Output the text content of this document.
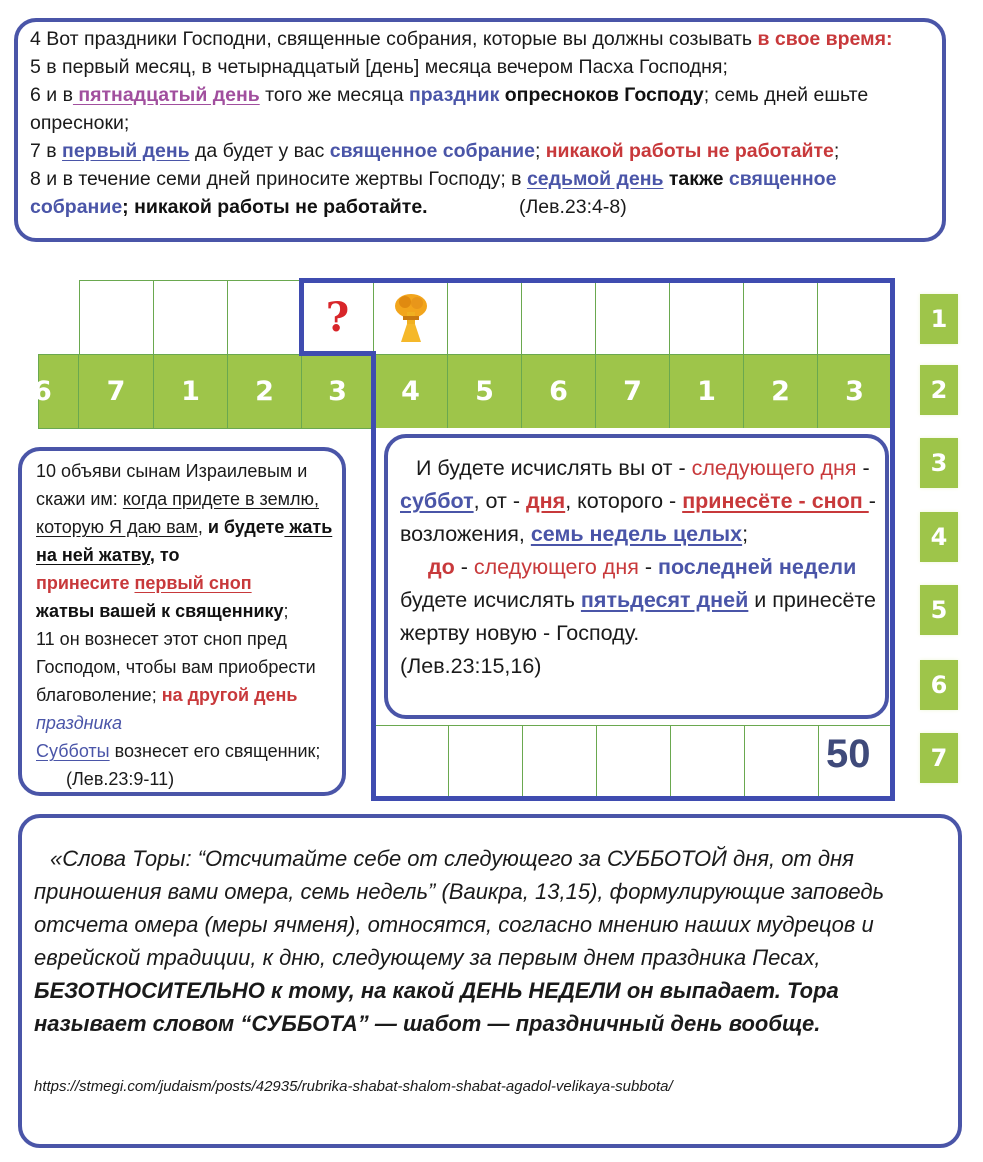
4 Вот праздники Господни, священные собрания, которые вы должны созывать в свое время:
5 в первый месяц, в четырнадцатый [день] месяца вечером Пасха Господня;
6 и в пятнадцатый день того же месяца праздник опресноков Господу; семь дней ешьте опресноки;
7 в первый день да будет у вас священное собрание; никакой работы не работайте;
8 и в течение семи дней приносите жертвы Господу; в седьмой день также священное собрание; никакой работы не работайте.	(Лев.23:4-8)
?
6 7 1 2 3 4 5 6 7 1 2 3
1
2
3
4
5
6
7
50
10 объяви сынам Израилевым и скажи им: когда придете в землю, которую Я даю вам, и будете жать на ней жатву, то
принесите первый сноп
жатвы вашей к священнику;
11 он вознесет этот сноп пред Господом, чтобы вам приобрести благоволение; на другой день праздника
Субботы вознесет его священник; (Лев.23:9-11)
И будете исчислять вы от - следующего дня - суббот, от - дня, которого - принесёте - сноп - возложения, семь недель целых;
до - следующего дня - последней недели будете исчислять пятьдесят дней и принесёте жертву новую - Господу.
(Лев.23:15,16)
«Слова Торы: “Отсчитайте себе от следующего за СУББОТОЙ дня, от дня приношения вами омера, семь недель” (Ваикра, 13,15), формулирующие заповедь отсчета омера (меры ячменя), относятся, согласно мнению наших мудрецов и еврейской традиции, к дню, следующему за первым днем праздника Песах, БЕЗОТНОСИТЕЛЬНО к тому, на какой ДЕНЬ НЕДЕЛИ он выпадает. Тора называет словом “СУББОТА” — шабот — праздничный день вообще.
https://stmegi.com/judaism/posts/42935/rubrika-shabat-shalom-shabat-agadol-velikaya-subbota/
